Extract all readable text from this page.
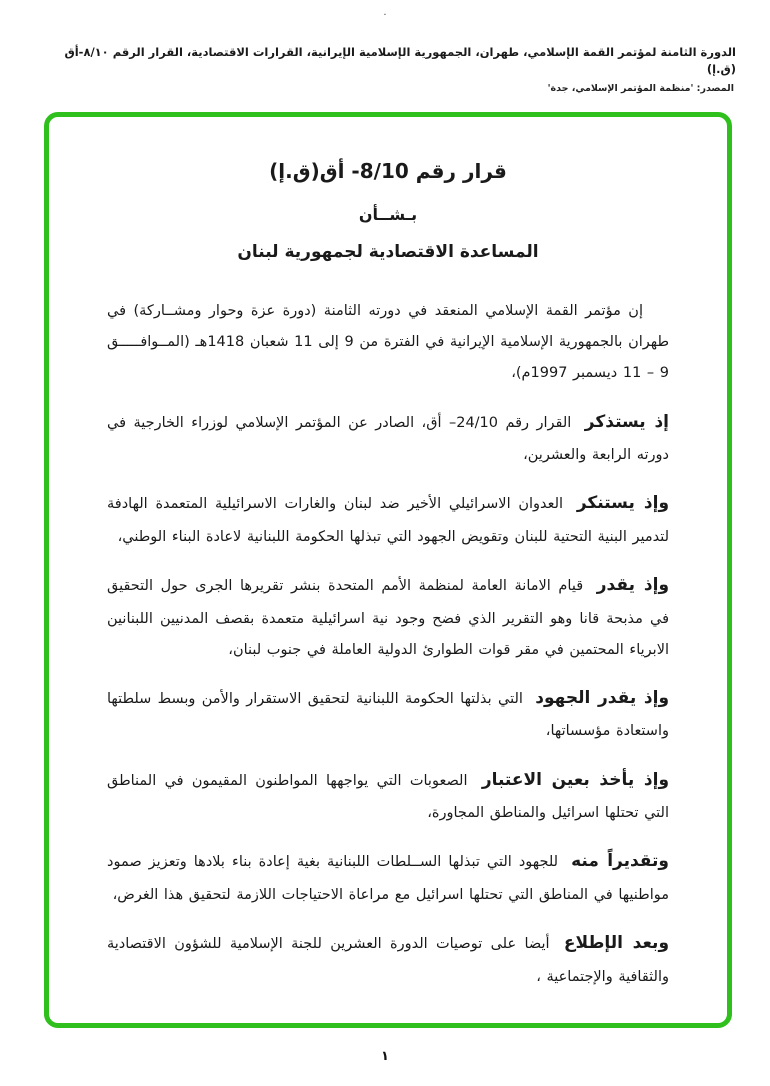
·
الدورة الثامنة لمؤتمر القمة الإسلامي، طهران، الجمهورية الإسلامية الإيرانية، القرارات الاقتصادية، القرار الرقم ٨/١٠-أق (ق.إ)
المصدر: 'منظمة المؤتمر الإسلامي، جدة'
قرار رقم 8/10- أق(ق.إ)
بـشــأن
المساعدة الاقتصادية لجمهورية لبنان

إن مؤتمر القمة الإسلامي المنعقد في دورته الثامنة (دورة عزة وحوار ومشــاركة) في طهران بالجمهورية الإسلامية الإيرانية في الفترة من 9 إلى 11 شعبان 1418هـ (المــوافـــــق 9 – 11 ديسمبر 1997م)،

إذ يستذكر القرار رقم 24/10– أق، الصادر عن المؤتمر الإسلامي لوزراء الخارجية في دورته الرابعة والعشرين،

وإذ يستنكر العدوان الاسرائيلي الأخير ضد لبنان والغارات الاسرائيلية المتعمدة الهادفة لتدمير البنية التحتية للبنان وتقويض الجهود التي تبذلها الحكومة اللبنانية لاعادة البناء الوطني،

وإذ يقدر قيام الامانة العامة لمنظمة الأمم المتحدة بنشر تقريرها الجرى حول التحقيق في مذبحة قانا وهو التقرير الذي فضح وجود نية اسرائيلية متعمدة بقصف المدنيين اللبنانين الابرياء المحتمين في مقر قوات الطوارئ الدولية العاملة في جنوب لبنان،

وإذ يقدر الجهود التي بذلتها الحكومة اللبنانية لتحقيق الاستقرار والأمن وبسط سلطتها واستعادة مؤسساتها،

وإذ يأخذ بعين الاعتبار الصعوبات التي يواجهها المواطنون المقيمون في المناطق التي تحتلها اسرائيل والمناطق المجاورة،

وتقديراً منه للجهود التي تبذلها الســلطات اللبنانية بغية إعادة بناء بلادها وتعزيز صمود مواطنيها في المناطق التي تحتلها اسرائيل مع مراعاة الاحتياجات اللازمة لتحقيق هذا الغرض،

وبعد الإطلاع أيضا على توصيات الدورة العشرين للجنة الإسلامية للشؤون الاقتصادية والثقافية والإجتماعية ،

١
